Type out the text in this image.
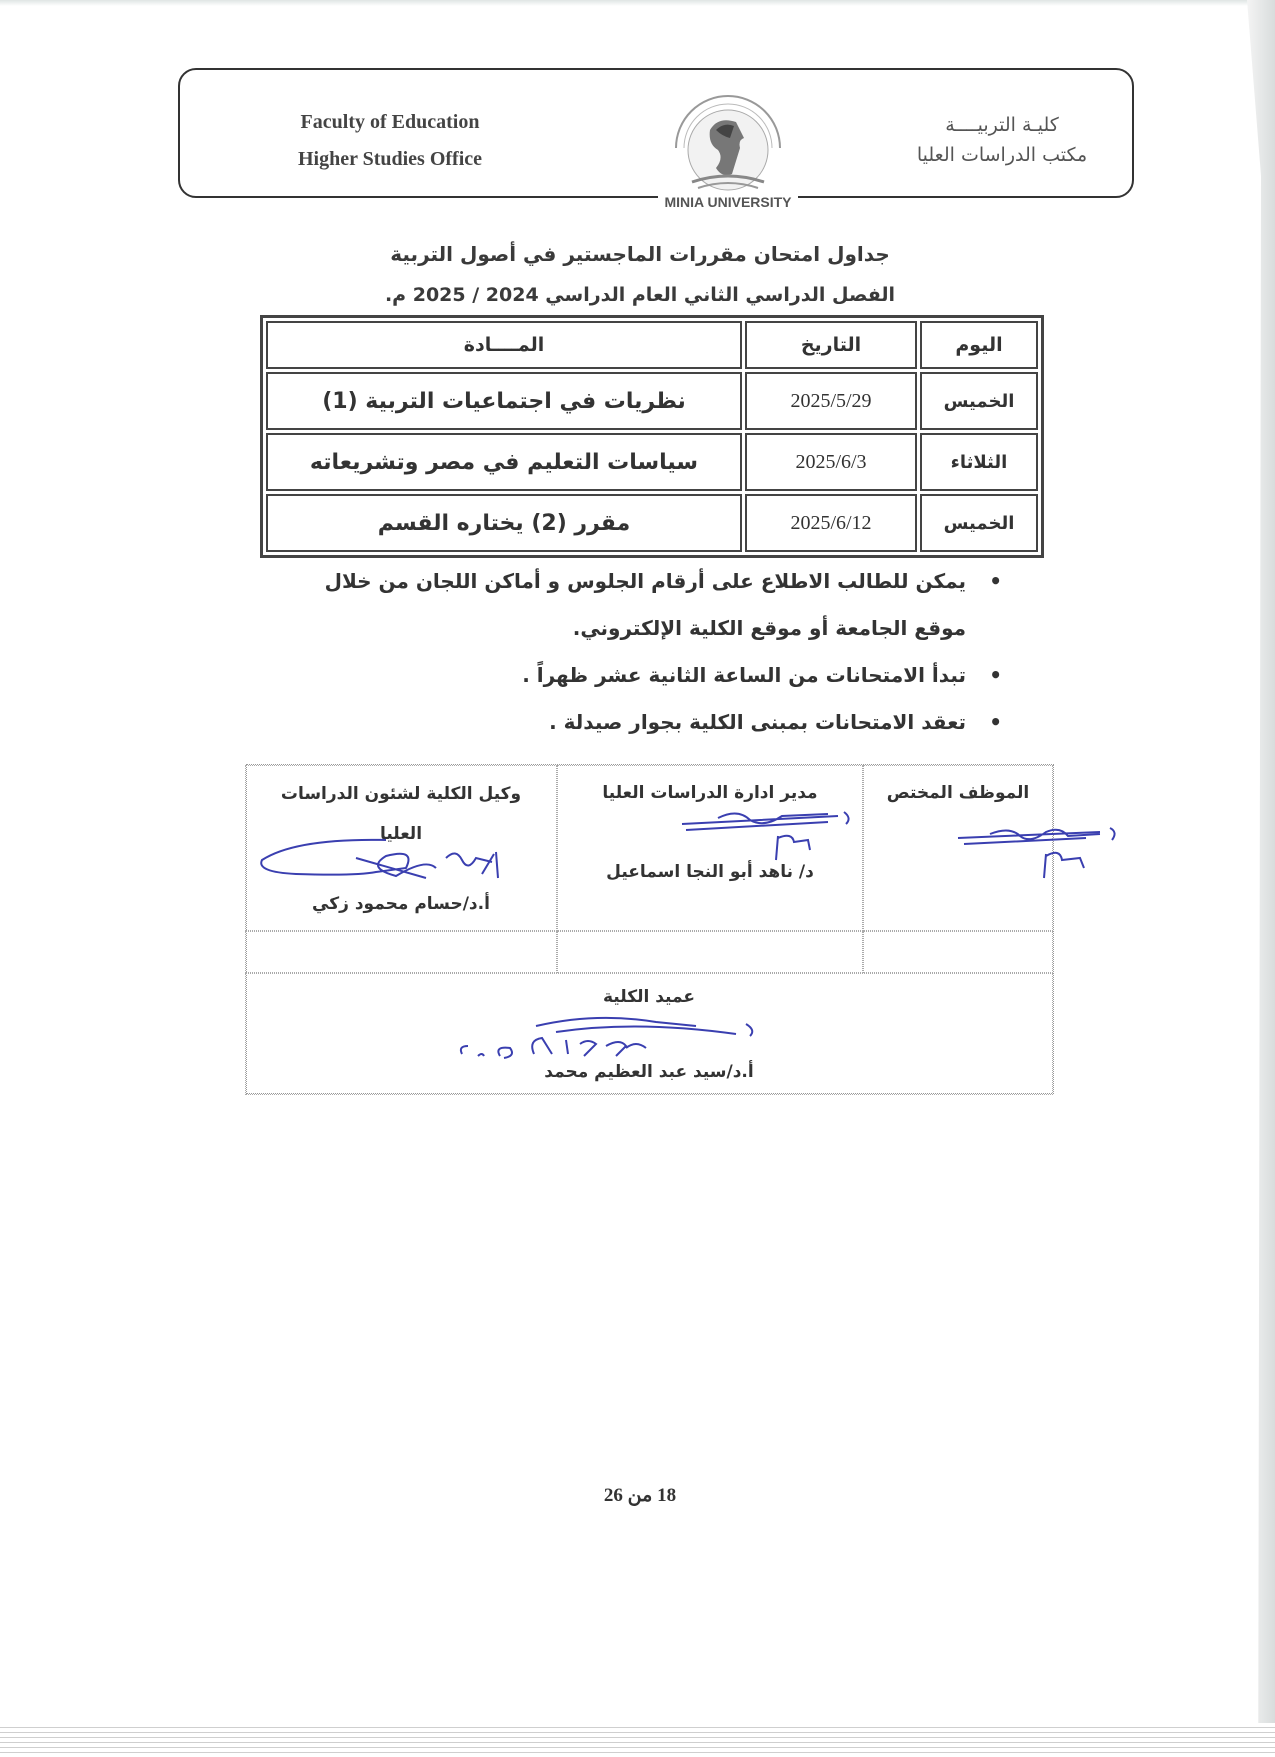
Faculty of Education
Higher Studies Office
MINIA UNIVERSITY
كليـة التربيــــة
مكتب الدراسات العليا
جداول امتحان مقررات الماجستير في أصول التربية
الفصل الدراسي الثاني العام الدراسي 2024 / 2025 م.
اليوم	التاريخ	المــــادة
الخميس	2025/5/29	نظريات في اجتماعيات التربية (1)
الثلاثاء	2025/6/3	سياسات التعليم في مصر وتشريعاته
الخميس	2025/6/12	مقرر (2) يختاره القسم
• يمكن للطالب الاطلاع على أرقام الجلوس و أماكن اللجان من خلال موقع الجامعة أو موقع الكلية الإلكتروني.
• تبدأ الامتحانات من الساعة الثانية عشر ظهراً .
• تعقد الامتحانات بمبنى الكلية بجوار صيدلة .
الموظف المختص
مدير ادارة الدراسات العليا
د/ ناهد أبو النجا اسماعيل
وكيل الكلية لشئون الدراسات العليا
أ.د/حسام محمود زكي
عميد الكلية
أ.د/سيد عبد العظيم محمد
18 من 26
